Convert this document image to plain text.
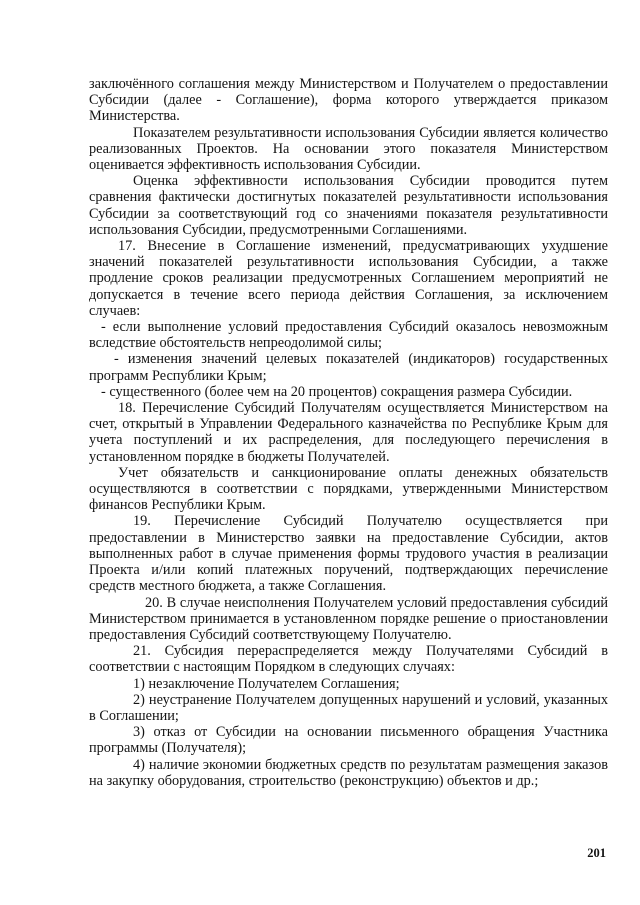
заключённого соглашения между Министерством и Получателем о предоставлении Субсидии (далее - Соглашение), форма которого утверждается приказом Министерства.

Показателем результативности использования Субсидии является количество реализованных Проектов. На основании этого показателя Министерством оценивается эффективность использования Субсидии.

Оценка эффективности использования Субсидии проводится путем сравнения фактически достигнутых показателей результативности использования Субсидии за соответствующий год со значениями показателя результативности использования Субсидии, предусмотренными Соглашениями.

17. Внесение в Соглашение изменений, предусматривающих ухудшение значений показателей результативности использования Субсидии, а также продление сроков реализации предусмотренных Соглашением мероприятий не допускается в течение всего периода действия Соглашения, за исключением случаев:

- если выполнение условий предоставления Субсидий оказалось невозможным вследствие обстоятельств непреодолимой силы;

- изменения значений целевых показателей (индикаторов) государственных программ Республики Крым;

- существенного (более чем на 20 процентов) сокращения размера Субсидии.

18. Перечисление Субсидий Получателям осуществляется Министерством на счет, открытый в Управлении Федерального казначейства по Республике Крым для учета поступлений и их распределения, для последующего перечисления в установленном порядке в бюджеты Получателей.

Учет обязательств и санкционирование оплаты денежных обязательств осуществляются в соответствии с порядками, утвержденными Министерством финансов Республики Крым.

19. Перечисление Субсидий Получателю осуществляется при предоставлении в Министерство заявки на предоставление Субсидии, актов выполненных работ в случае применения формы трудового участия в реализации Проекта и/или копий платежных поручений, подтверждающих перечисление средств местного бюджета, а также Соглашения.

20. В случае неисполнения Получателем условий предоставления субсидий Министерством принимается в установленном порядке решение о приостановлении предоставления Субсидий соответствующему Получателю.

21. Субсидия перераспределяется между Получателями Субсидий в соответствии с настоящим Порядком в следующих случаях:

1) незаключение Получателем Соглашения;

2) неустранение Получателем допущенных нарушений и условий, указанных в Соглашении;

3) отказ от Субсидии на основании письменного обращения Участника программы (Получателя);

4) наличие экономии бюджетных средств по результатам размещения заказов на закупку оборудования, строительство (реконструкцию) объектов и др.;

201
